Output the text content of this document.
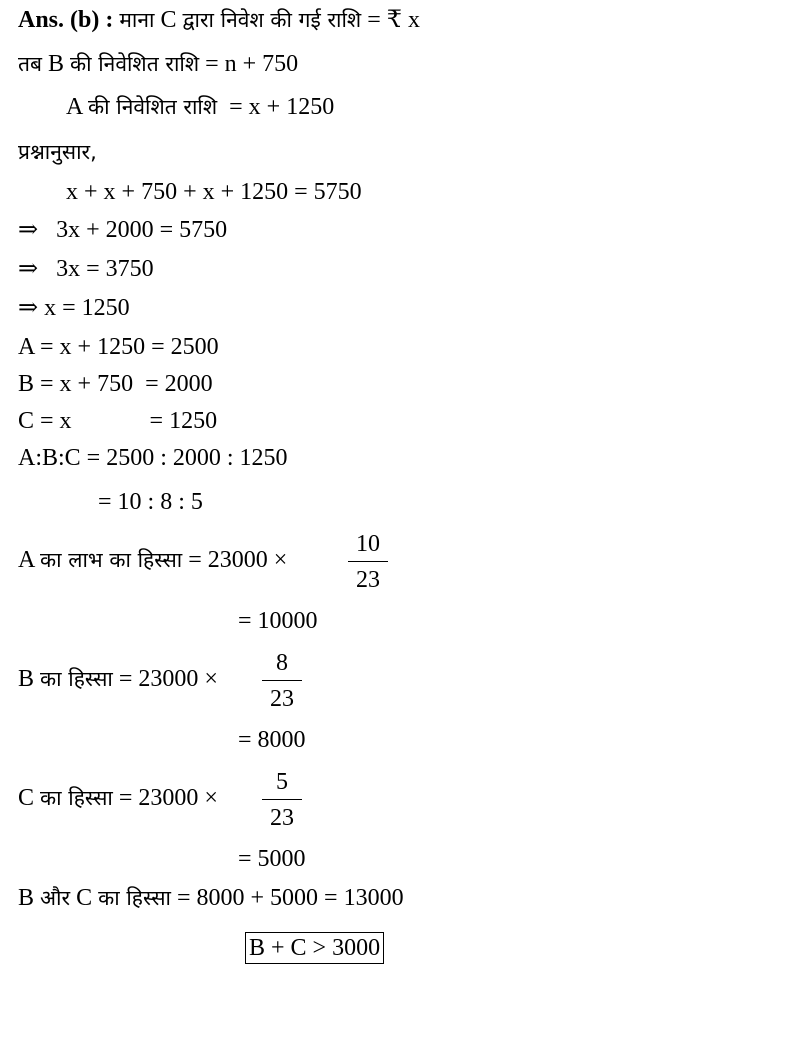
Ans. (b) : माना C द्वारा निवेश की गई राशि = ₹ x
तब B की निवेशित राशि = n + 750
A की निवेशित राशि  = x + 1250
प्रश्नानुसार,
x + x + 750 + x + 1250 = 5750
⇒   3x + 2000 = 5750
⇒   3x = 3750
⇒ x = 1250
A = x + 1250 = 2500
B = x + 750  = 2000
C = x             = 1250
A:B:C = 2500 : 2000 : 1250
= 10 : 8 : 5
A का लाभ का हिस्सा = 23000 ×
10
23
= 10000
B का हिस्सा = 23000 ×
8
23
= 8000
C का हिस्सा = 23000 ×
5
23
= 5000
B और C का हिस्सा = 8000 + 5000 = 13000
B + C > 3000
